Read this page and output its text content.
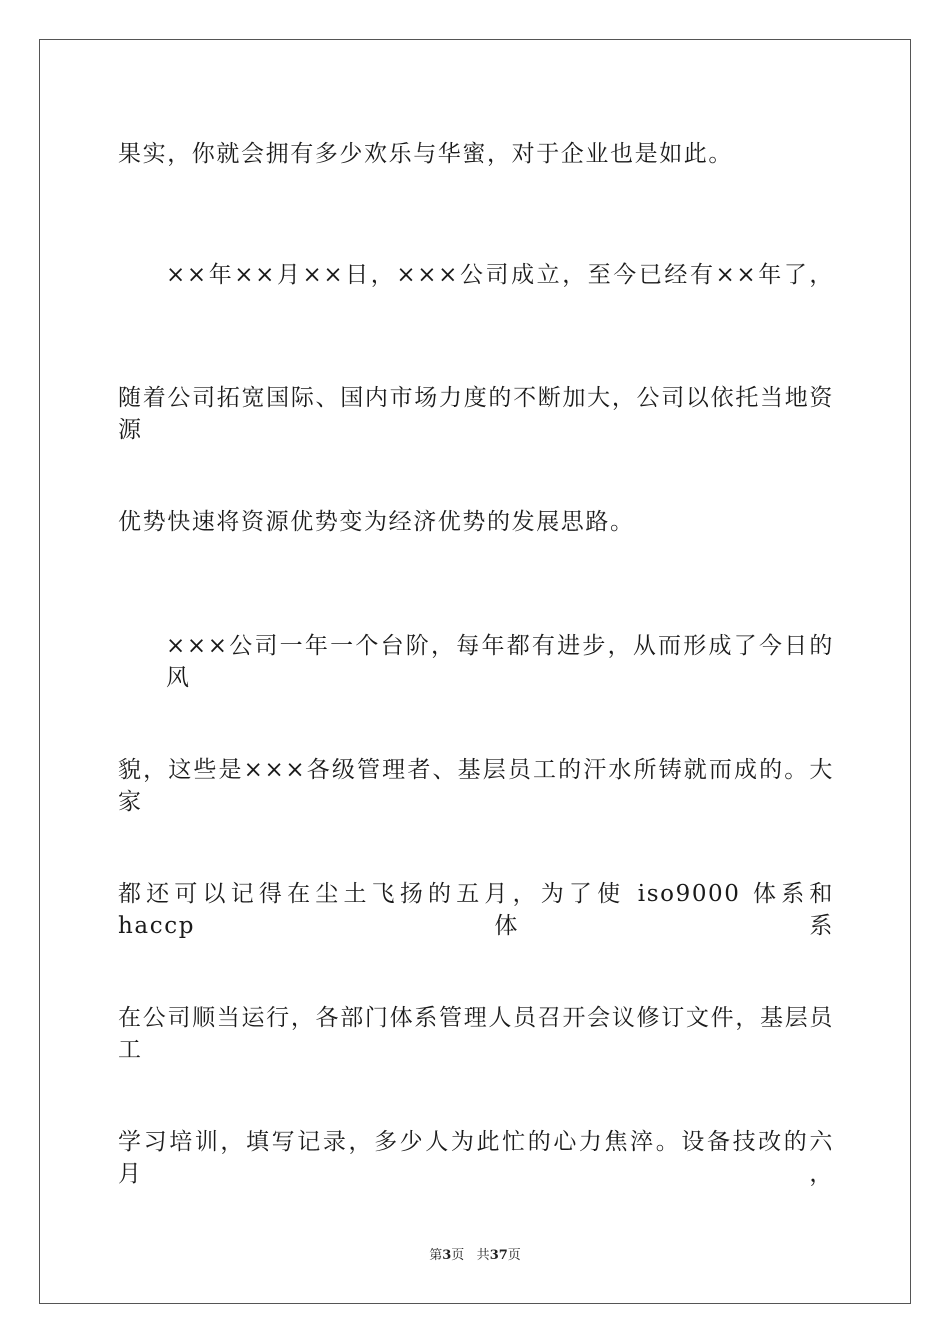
果实，你就会拥有多少欢乐与华蜜，对于企业也是如此。
××年××月××日，×××公司成立，至今已经有××年了，
随着公司拓宽国际、国内市场力度的不断加大，公司以依托当地资源
优势快速将资源优势变为经济优势的发展思路。
×××公司一年一个台阶，每年都有进步，从而形成了今日的风
貌，这些是×××各级管理者、基层员工的汗水所铸就而成的。大家
都还可以记得在尘土飞扬的五月，为了使 iso9000 体系和 haccp 体系
在公司顺当运行，各部门体系管理人员召开会议修订文件，基层员工
学习培训，填写记录，多少人为此忙的心力焦淬。设备技改的六月，
第3页 共37页
